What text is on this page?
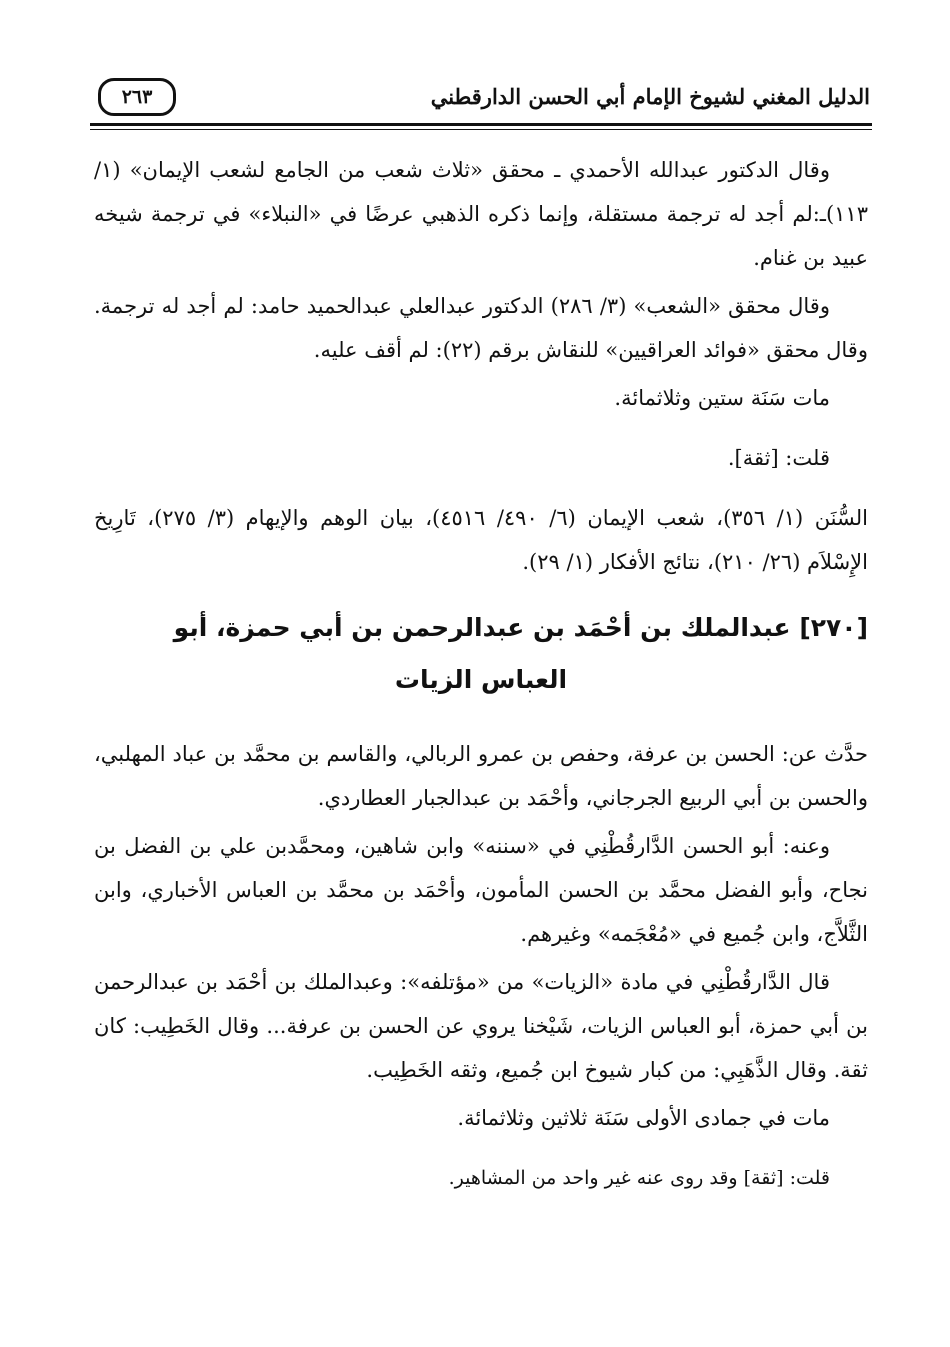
الدليل المغني لشيوخ الإمام أبي الحسن الدارقطني
٢٦٣

وقال الدكتور عبدالله الأحمدي ـ محقق «ثلاث شعب من الجامع لشعب الإيمان» (١/ ١١٣)ـ:لم أجد له ترجمة مستقلة، وإنما ذكره الذهبي عرضًا في «النبلاء» في ترجمة شيخه عبيد بن غنام.

وقال محقق «الشعب» (٣/ ٢٨٦) الدكتور عبدالعلي عبدالحميد حامد: لم أجد له ترجمة. وقال محقق «فوائد العراقيين» للنقاش برقم (٢٢): لم أقف عليه.

مات سَنَة ستين وثلاثمائة.

قلت: [ثقة].

السُّنَن (١/ ٣٥٦)، شعب الإيمان (٦/ ٤٩٠/ ٤٥١٦)، بيان الوهم والإيهام (٣/ ٢٧٥)، تَارِيخ الإِسْلاَم (٢٦/ ٢١٠)، نتائج الأفكار (١/ ٢٩).

[٢٧٠] عبدالملك بن أحْمَد بن عبدالرحمن بن أبي حمزة، أبو
العباس الزيات

حدَّث عن: الحسن بن عرفة، وحفص بن عمرو الربالي، والقاسم بن محمَّد بن عباد المهلبي، والحسن بن أبي الربيع الجرجاني، وأحْمَد بن عبدالجبار العطاردي.

وعنه: أبو الحسن الدَّارقُطْنِي في «سننه» وابن شاهين، ومحمَّدبن علي بن الفضل بن نجاح، وأبو الفضل محمَّد بن الحسن المأمون، وأحْمَد بن محمَّد بن العباس الأخباري، وابن الثَّلاَّج، وابن جُميع في «مُعْجَمه» وغيرهم.

قال الدَّارقُطْنِي في مادة «الزيات» من «مؤتلفه»: وعبدالملك بن أحْمَد بن عبدالرحمن بن أبي حمزة، أبو العباس الزيات، شَيْخنا يروي عن الحسن بن عرفة... وقال الخَطِيب: كان ثقة. وقال الذَّهَبِي: من كبار شيوخ ابن جُميع، وثقه الخَطِيب.

مات في جمادى الأولى سَنَة ثلاثين وثلاثمائة.

قلت: [ثقة] وقد روى عنه غير واحد من المشاهير.
